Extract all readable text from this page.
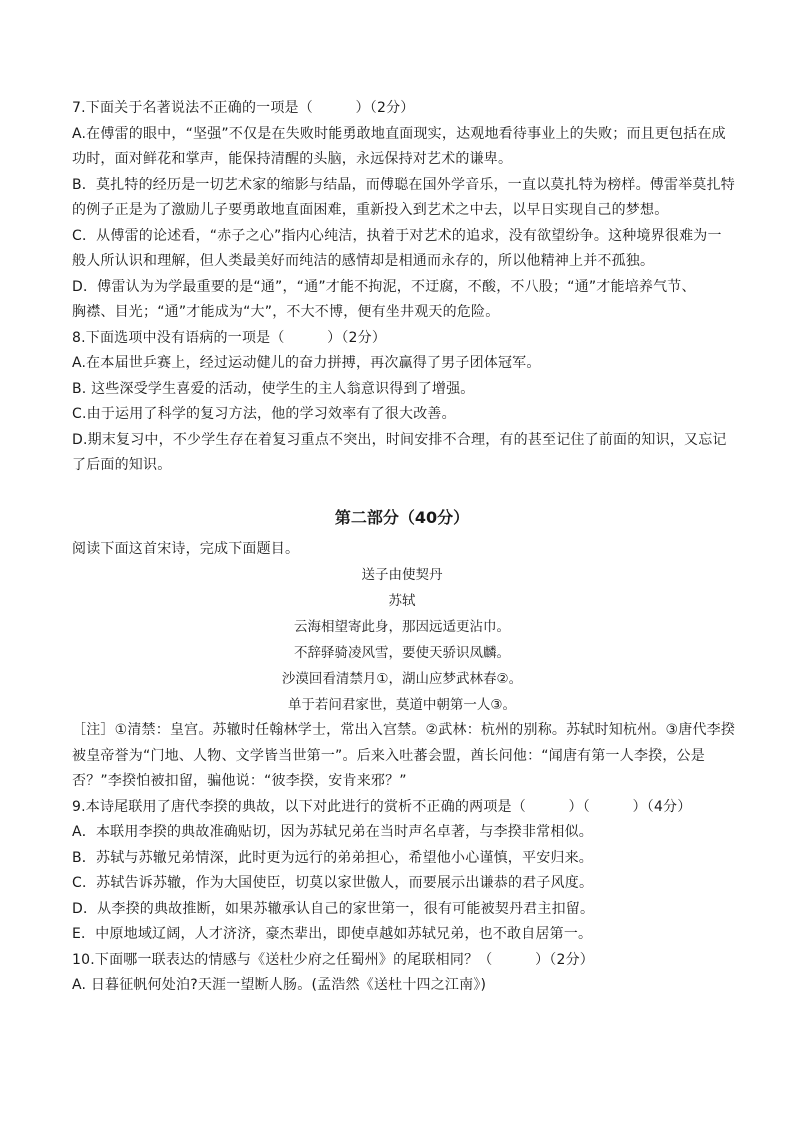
7.下面关于名著说法不正确的一项是（　　　）（2分）
A.在傅雷的眼中，“坚强”不仅是在失败时能勇敢地直面现实，达观地看待事业上的失败；而且更包括在成
功时，面对鲜花和掌声，能保持清醒的头脑，永远保持对艺术的谦卑。
B．莫扎特的经历是一切艺术家的缩影与结晶，而傅聪在国外学音乐，一直以莫扎特为榜样。傅雷举莫扎特
的例子正是为了激励儿子要勇敢地直面困难，重新投入到艺术之中去，以早日实现自己的梦想。
C．从傅雷的论述看，“赤子之心”指内心纯洁，执着于对艺术的追求，没有欲望纷争。这种境界很难为一
般人所认识和理解，但人类最美好而纯洁的感情却是相通而永存的，所以他精神上并不孤独。
D．傅雷认为为学最重要的是“通”，“通”才能不拘泥，不迂腐，不酸，不八股；“通”才能培养气节、
胸襟、目光；“通”才能成为“大”，不大不博，便有坐井观天的危险。
8.下面选项中没有语病的一项是（　　　）（2分）
A.在本届世乒赛上，经过运动健儿的奋力拼搏，再次赢得了男子团体冠军。
B. 这些深受学生喜爱的活动，使学生的主人翁意识得到了增强。
C.由于运用了科学的复习方法，他的学习效率有了很大改善。
D.期末复习中，不少学生存在着复习重点不突出，时间安排不合理，有的甚至记住了前面的知识，又忘记
了后面的知识。
第二部分（40分）
阅读下面这首宋诗，完成下面题目。
送子由使契丹
苏轼
云海相望寄此身，那因远适更沾巾。
不辞驿骑凌风雪，要使天骄识凤麟。
沙漠回看清禁月①，湖山应梦武林春②。
单于若问君家世，莫道中朝第一人③。
［注］①清禁：皇宫。苏辙时任翰林学士，常出入宫禁。②武林：杭州的别称。苏轼时知杭州。③唐代李揆
被皇帝誉为“门地、人物、文学皆当世第一”。后来入吐蕃会盟，酋长问他：“闻唐有第一人李揆，公是
否？”李揆怕被扣留，骗他说：“彼李揆，安肯来邪？”
9.本诗尾联用了唐代李揆的典故，以下对此进行的赏析不正确的两项是（　　　）（　　　）（4分）
A．本联用李揆的典故准确贴切，因为苏轼兄弟在当时声名卓著，与李揆非常相似。
B．苏轼与苏辙兄弟情深，此时更为远行的弟弟担心，希望他小心谨慎，平安归来。
C．苏轼告诉苏辙，作为大国使臣，切莫以家世傲人，而要展示出谦恭的君子风度。
D．从李揆的典故推断，如果苏辙承认自己的家世第一，很有可能被契丹君主扣留。
E．中原地域辽阔，人才济济，豪杰辈出，即使卓越如苏轼兄弟，也不敢自居第一。
10.下面哪一联表达的情感与《送杜少府之任蜀州》的尾联相同？（　　　）（2分）
A. 日暮征帆何处泊?天涯一望断人肠。(孟浩然《送杜十四之江南》)
